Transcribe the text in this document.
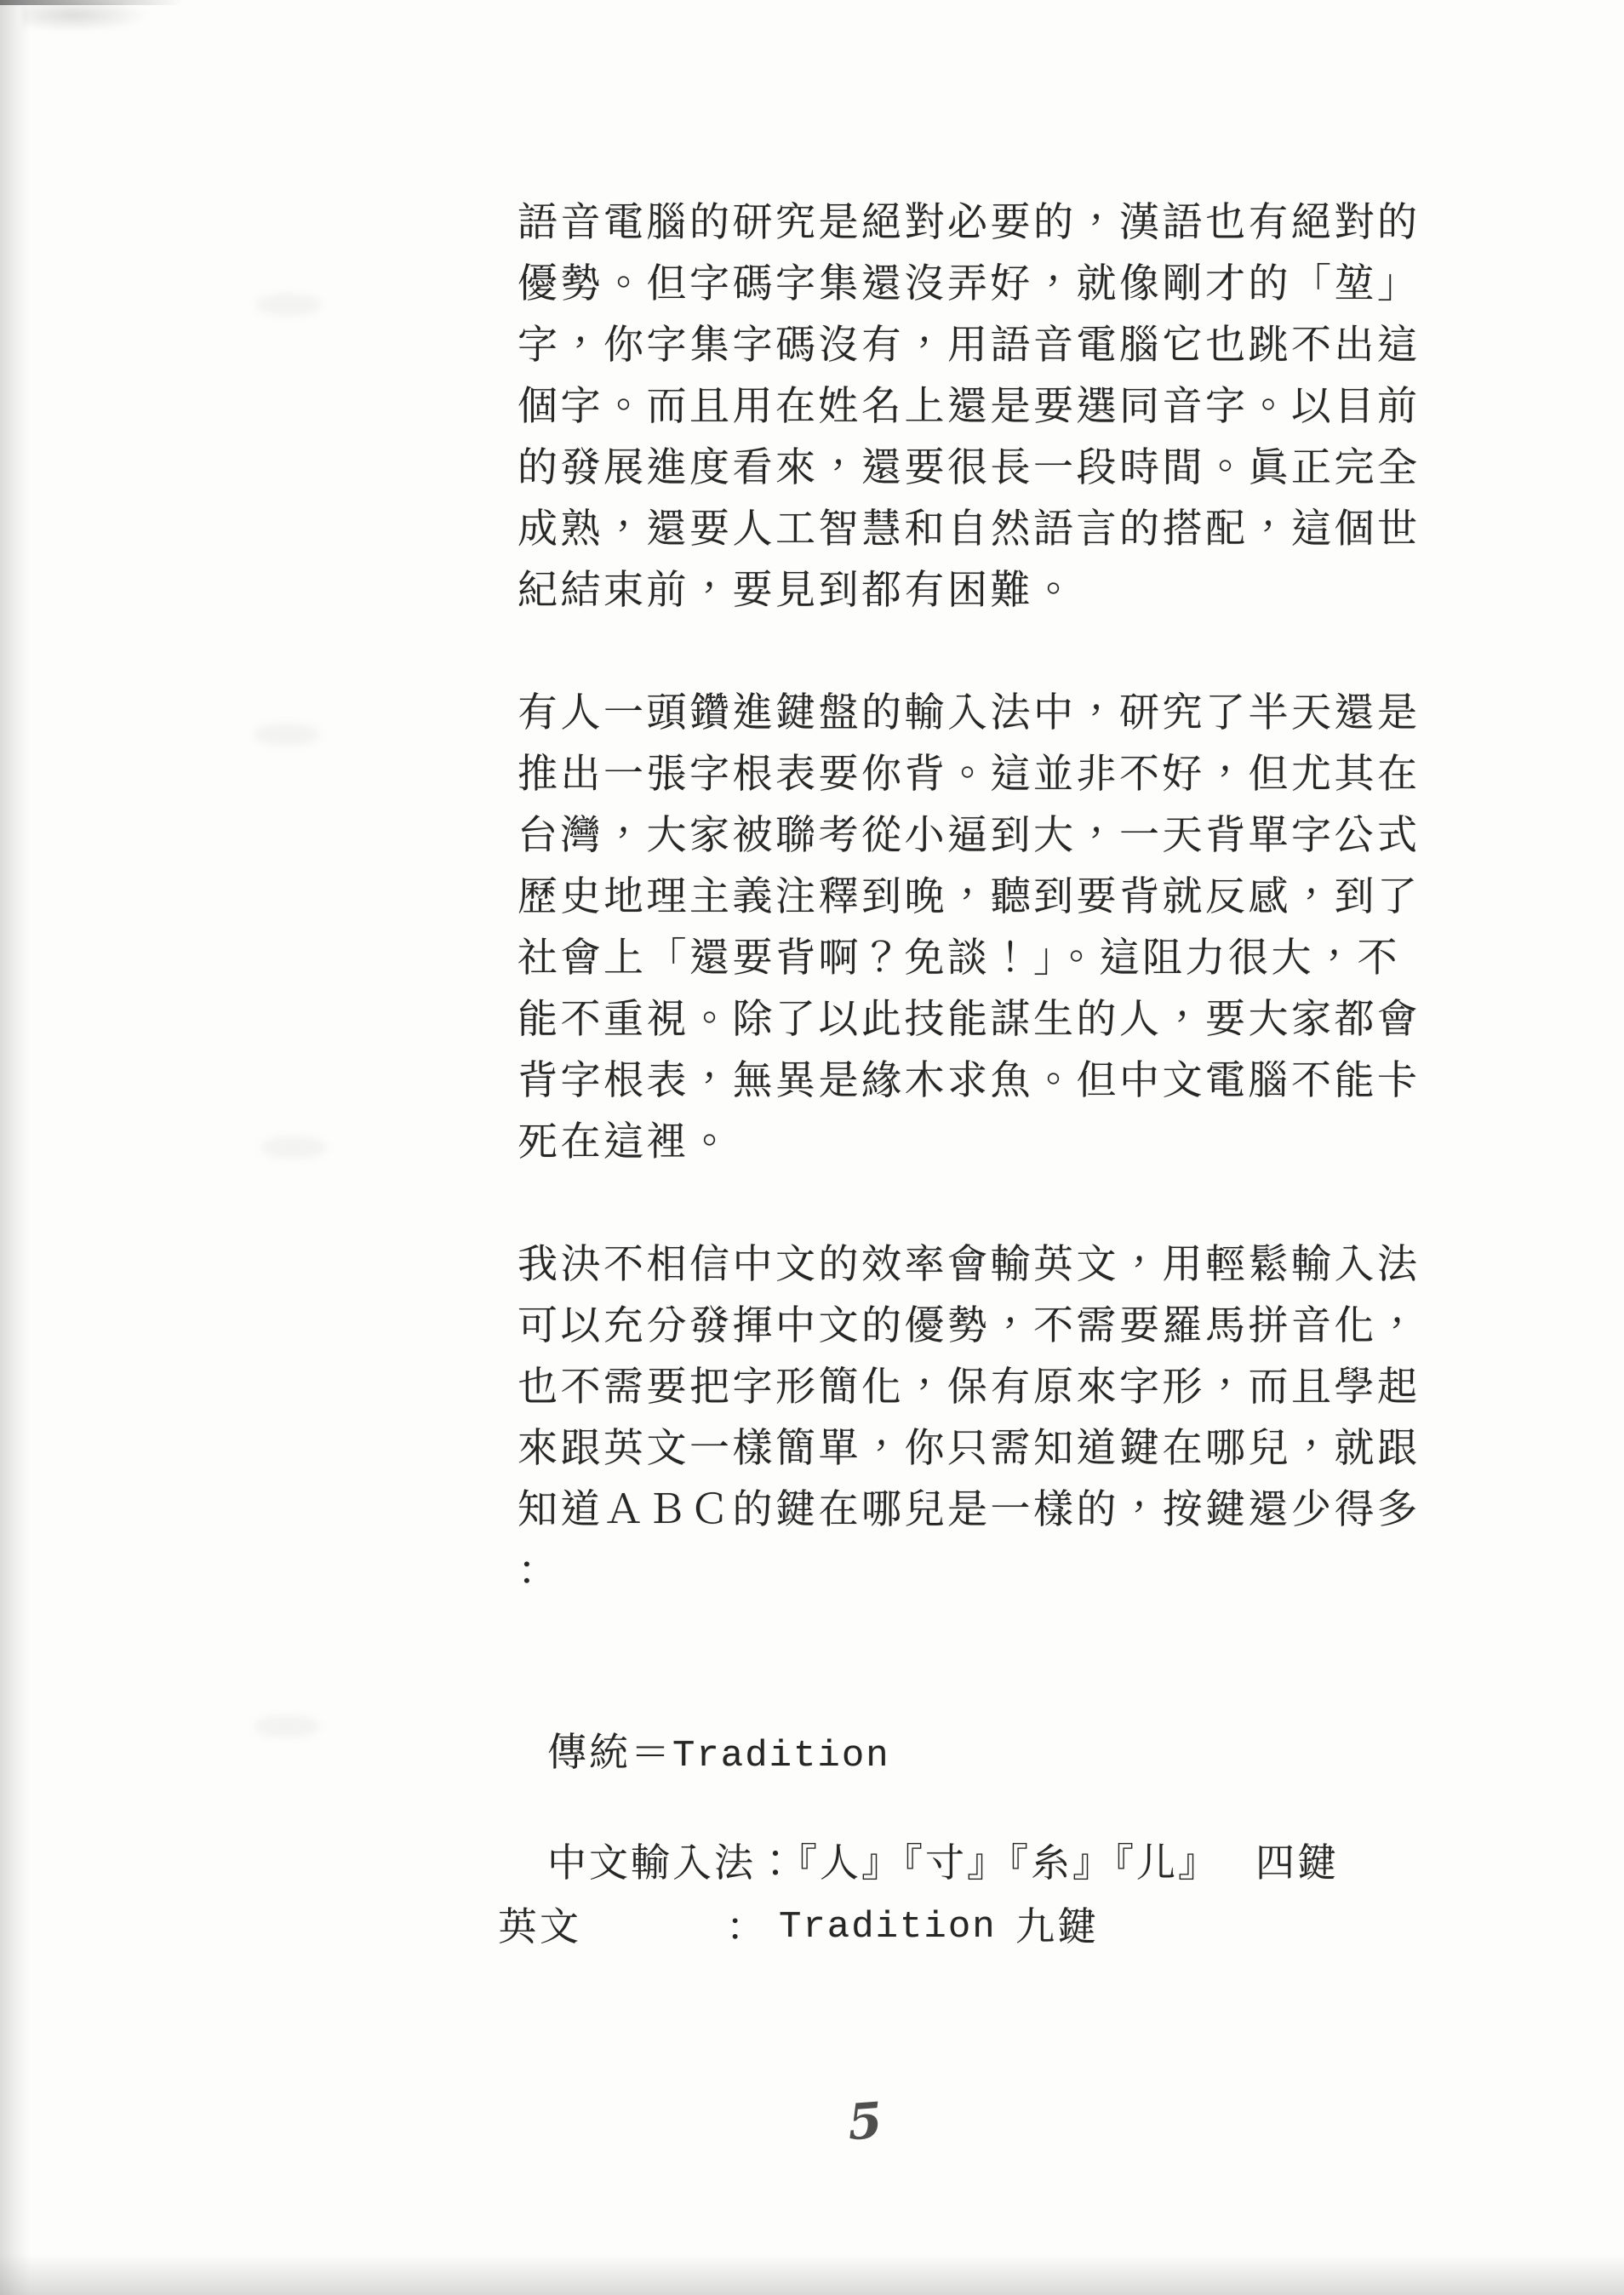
語音電腦的研究是絕對必要的，漢語也有絕對的
優勢。但字碼字集還沒弄好，就像剛才的「堃」
字，你字集字碼沒有，用語音電腦它也跳不出這
個字。而且用在姓名上還是要選同音字。以目前
的發展進度看來，還要很長一段時間。眞正完全
成熟，還要人工智慧和自然語言的搭配，這個世
紀結束前，要見到都有困難。
有人一頭鑽進鍵盤的輸入法中，研究了半天還是
推出一張字根表要你背。這並非不好，但尤其在
台灣，大家被聯考從小逼到大，一天背單字公式
歷史地理主義注釋到晚，聽到要背就反感，到了
社會上「還要背啊？免談！」。這阻力很大，不
能不重視。除了以此技能謀生的人，要大家都會
背字根表，無異是緣木求魚。但中文電腦不能卡
死在這裡。
我決不相信中文的效率會輸英文，用輕鬆輸入法
可以充分發揮中文的優勢，不需要羅馬拼音化，
也不需要把字形簡化，保有原來字形，而且學起
來跟英文一樣簡單，你只需知道鍵在哪兒，就跟
知道ＡＢＣ的鍵在哪兒是一樣的，按鍵還少得多
：

傳統＝Tradition

中文輸入法：『人』『寸』『糸』『儿』 四鍵

英文

	：

Tradition

九鍵

5
